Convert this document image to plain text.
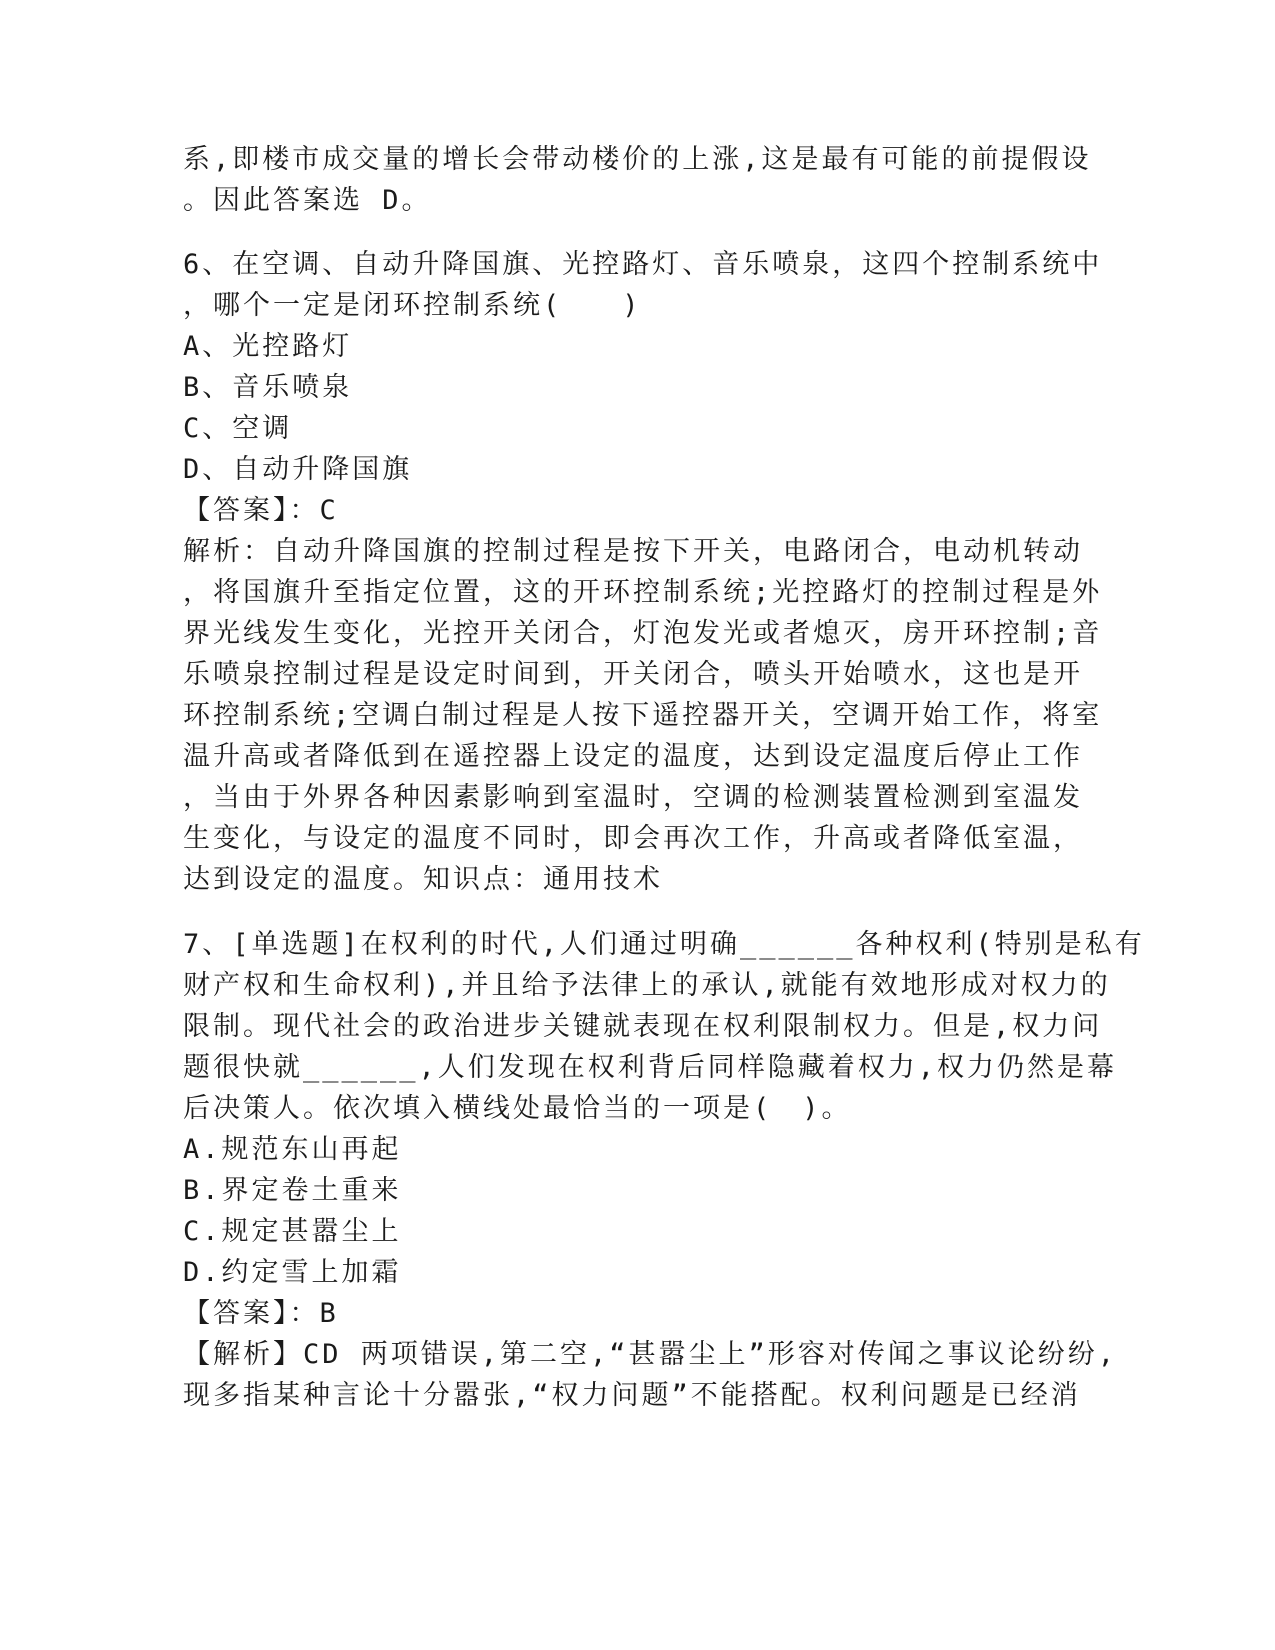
系,即楼市成交量的增长会带动楼价的上涨,这是最有可能的前提假设
。因此答案选 D。
6、在空调、自动升降国旗、光控路灯、音乐喷泉，这四个控制系统中
，哪个一定是闭环控制系统(　　)
A、光控路灯
B、音乐喷泉
C、空调
D、自动升降国旗
【答案】：C
解析：自动升降国旗的控制过程是按下开关，电路闭合，电动机转动
，将国旗升至指定位置，这的开环控制系统;光控路灯的控制过程是外
界光线发生变化，光控开关闭合，灯泡发光或者熄灭，房开环控制;音
乐喷泉控制过程是设定时间到，开关闭合，喷头开始喷水，这也是开
环控制系统;空调白制过程是人按下遥控器开关，空调开始工作，将室
温升高或者降低到在遥控器上设定的温度，达到设定温度后停止工作
，当由于外界各种因素影响到室温时，空调的检测装置检测到室温发
生变化，与设定的温度不同时，即会再次工作，升高或者降低室温，
达到设定的温度。知识点：通用技术
7、[单选题]在权利的时代,人们通过明确______各种权利(特别是私有
财产权和生命权利),并且给予法律上的承认,就能有效地形成对权力的
限制。现代社会的政治进步关键就表现在权利限制权力。但是,权力问
题很快就______,人们发现在权利背后同样隐藏着权力,权力仍然是幕
后决策人。依次填入横线处最恰当的一项是(　)。
A.规范东山再起
B.界定卷土重来
C.规定甚嚣尘上
D.约定雪上加霜
【答案】：B
【解析】CD 两项错误,第二空,“甚嚣尘上”形容对传闻之事议论纷纷,
现多指某种言论十分嚣张,“权力问题”不能搭配。权利问题是已经消
